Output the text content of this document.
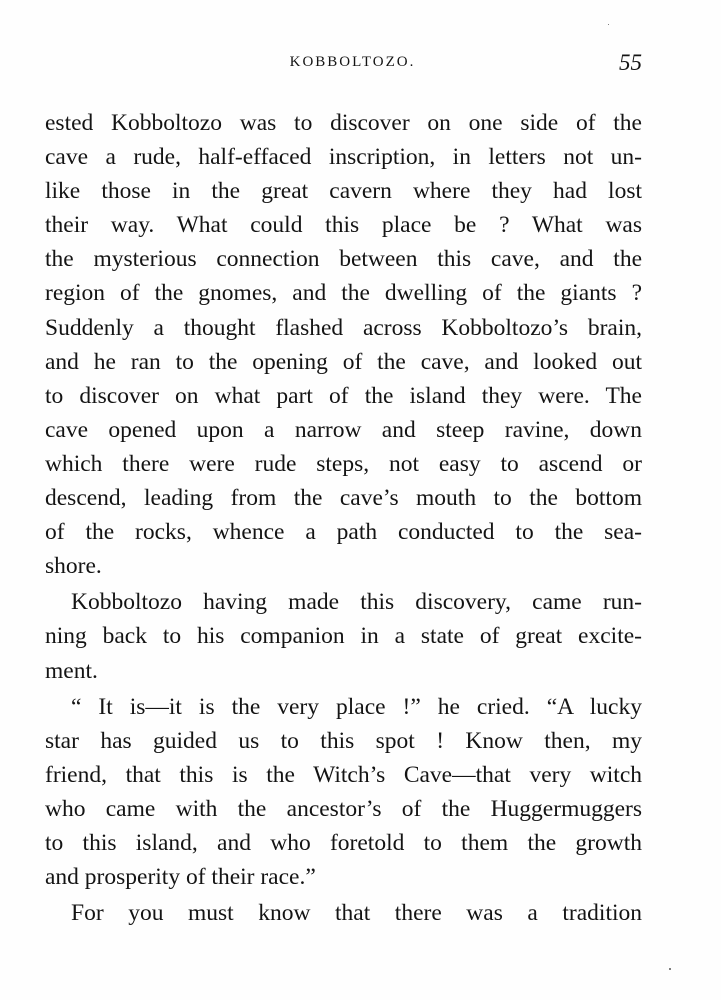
KOBBOLTOZO.	55
ested Kobboltozo was to discover on one side of the
cave a rude, half-effaced inscription, in letters not un-
like those in the great cavern where they had lost
their way. What could this place be ? What was
the mysterious connection between this cave, and the
region of the gnomes, and the dwelling of the giants ?
Suddenly a thought flashed across Kobboltozo’s brain,
and he ran to the opening of the cave, and looked out
to discover on what part of the island they were. The
cave opened upon a narrow and steep ravine, down
which there were rude steps, not easy to ascend or
descend, leading from the cave’s mouth to the bottom
of the rocks, whence a path conducted to the sea-
shore.
Kobboltozo having made this discovery, came run-
ning back to his companion in a state of great excite-
ment.
“ It is—it is the very place !” he cried. “A lucky
star has guided us to this spot ! Know then, my
friend, that this is the Witch’s Cave—that very witch
who came with the ancestor’s of the Huggermuggers
to this island, and who foretold to them the growth
and prosperity of their race.”
For you must know that there was a tradition
